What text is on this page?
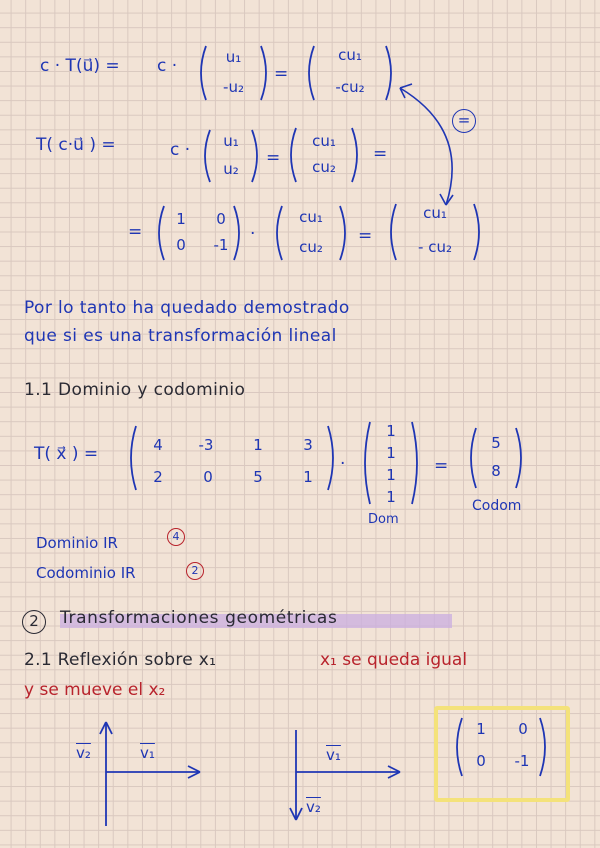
c · T(u⃗) = c ·	u₁
-u₂
=
cu₁
-cu₂
=
T( c·u⃗ ) =	c ·	u₁
u₂
=
cu₁
cu₂
=
=
1	0
0	-1
·
cu₁
cu₂
=
cu₁
- cu₂
Por lo tanto ha quedado demostrado
que si es una transformación lineal
1.1 Dominio y codominio
T( x⃗ ) =	4	-3	1	3
2	0	5	1
·
1
1
1
1
=
5
8
Dom
Codom
Dominio IR	4
Codominio IR	2
2	Transformaciones geométricas
2.1 Reflexión sobre x₁	x₁ se queda igual
y se mueve el x₂
v₂	v₁	v₁
v₂
1	0
0	-1
